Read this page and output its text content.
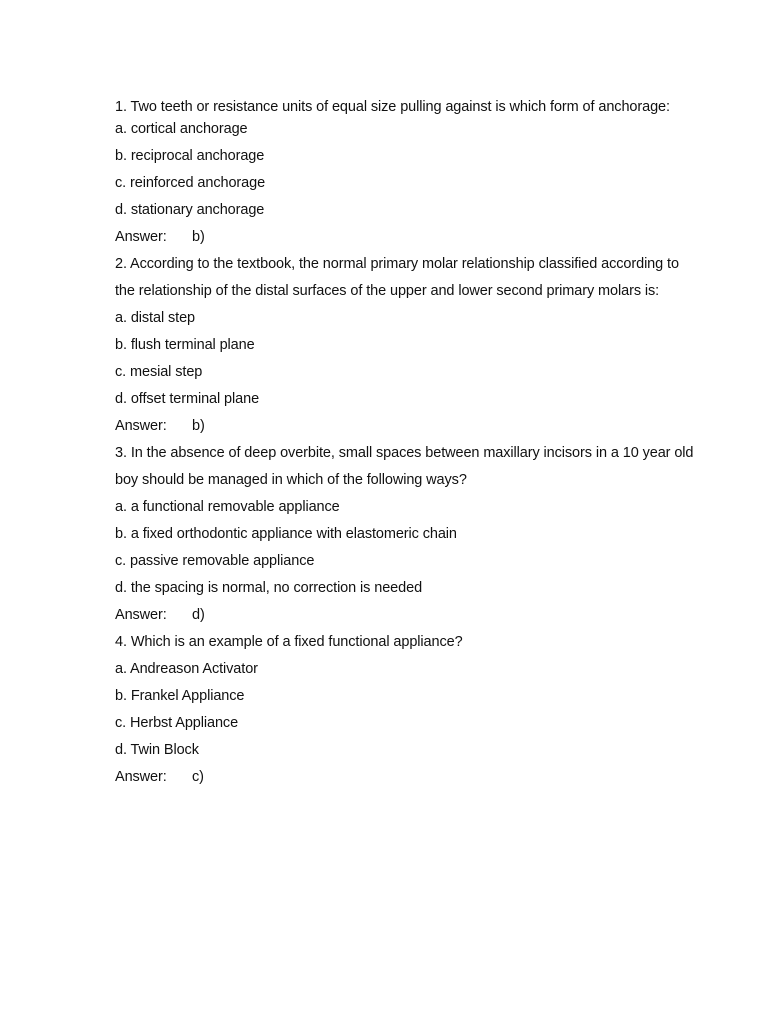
1. Two teeth or resistance units of equal size pulling against is which form of anchorage:

a. cortical anchorage

b. reciprocal anchorage

c. reinforced anchorage

d. stationary anchorage

Answer: b)

2. According to the textbook, the normal primary molar relationship classified according to the relationship of the distal surfaces of the upper and lower second primary molars is:

a. distal step

b. flush terminal plane

c. mesial step

d. offset terminal plane

Answer: b)

3. In the absence of deep overbite, small spaces between maxillary incisors in a 10 year old boy should be managed in which of the following ways?

a. a functional removable appliance

b. a fixed orthodontic appliance with elastomeric chain

c. passive removable appliance

d. the spacing is normal, no correction is needed

Answer: d)

4. Which is an example of a fixed functional appliance?

a. Andreason Activator

b. Frankel Appliance

c. Herbst Appliance

d. Twin Block

Answer: c)
